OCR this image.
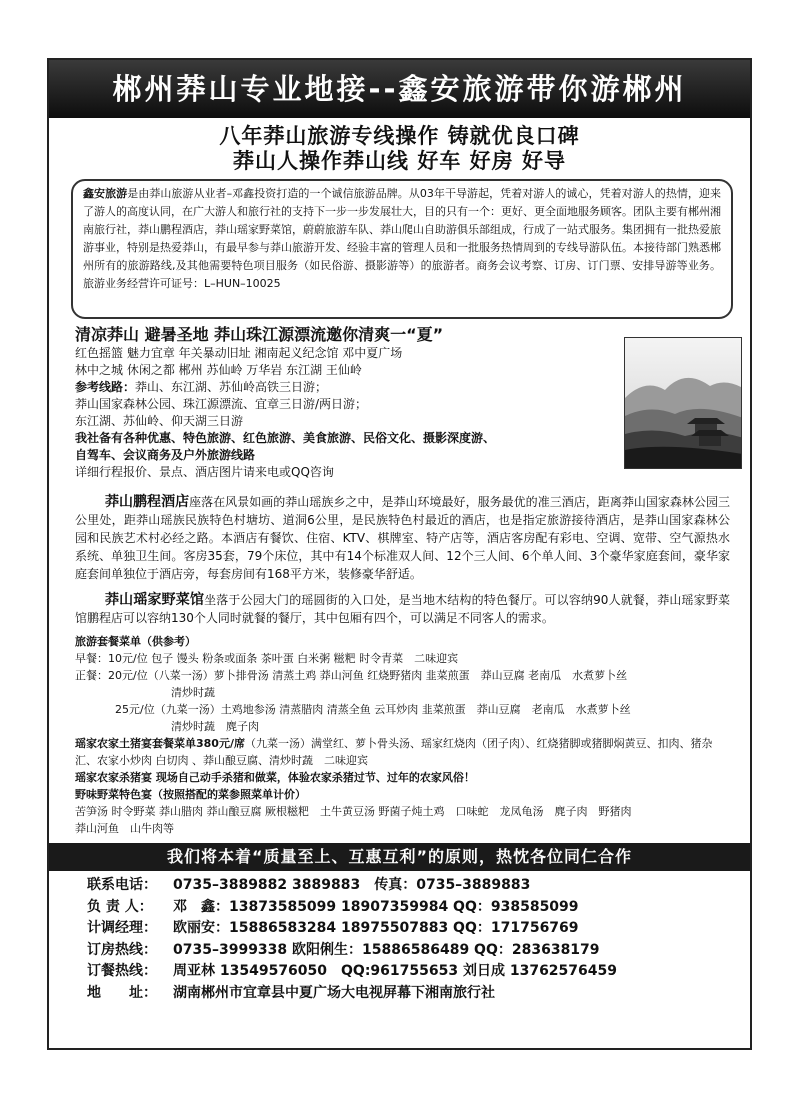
郴州莽山专业地接--鑫安旅游带你游郴州
八年莽山旅游专线操作 铸就优良口碑
莽山人操作莽山线 好车 好房 好导
鑫安旅游是由莽山旅游从业者–邓鑫投资打造的一个诚信旅游品牌。从03年干导游起，凭着对游人的诚心，凭着对游人的热情，迎来了游人的高度认同，在广大游人和旅行社的支持下一步一步发展壮大，目的只有一个：更好、更全面地服务顾客。团队主要有郴州湘南旅行社，莽山鹏程酒店，莽山瑶家野菜馆，蔚蔚旅游车队、莽山爬山自助游俱乐部组成，行成了一站式服务。集团拥有一批热爱旅游事业，特别是热爱莽山，有最早参与莽山旅游开发、经验丰富的管理人员和一批服务热情周到的专线导游队伍。本接待部门熟悉郴州所有的旅游路线,及其他需要特色项目服务（如民俗游、摄影游等）的旅游者。商务会议考察、订房、订门票、安排导游等业务。旅游业务经营许可证号：L–HUN–10025
清凉莽山 避暑圣地 莽山珠江源漂流邀你清爽一“夏”

红色摇篮 魅力宜章 年关暴动旧址 湘南起义纪念馆 邓中夏广场

林中之城 休闲之都 郴州 苏仙岭 万华岩 东江湖 王仙岭

参考线路：莽山、东江湖、苏仙岭高铁三日游；

莽山国家森林公园、珠江源漂流、宜章三日游/两日游；

东江湖、苏仙岭、仰天湖三日游

我社备有各种优惠、特色旅游、红色旅游、美食旅游、民俗文化、摄影深度游、

自驾车、会议商务及户外旅游线路

详细行程报价、景点、酒店图片请来电或QQ咨询

莽山鹏程酒店座落在风景如画的莽山瑶族乡之中，是莽山环境最好，服务最优的准三酒店，距离莽山国家森林公园三公里处，距莽山瑶族民族特色村塘坊、道洞6公里，是民族特色村最近的酒店，也是指定旅游接待酒店，是莽山国家森林公园和民族艺术村必经之路。本酒店有餐饮、住宿、KTV、棋牌室、特产店等，酒店客房配有彩电、空调、宽带、空气源热水系统、单独卫生间。客房35套，79个床位，其中有14个标准双人间、12个三人间、6个单人间、3个豪华家庭套间，豪华家庭套间单独位于酒店旁，每套房间有168平方米，装修豪华舒适。
莽山瑶家野菜馆坐落于公园大门的瑶圆街的入口处，是当地木结构的特色餐厅。可以容纳90人就餐，莽山瑶家野菜馆鹏程店可以容纳130个人同时就餐的餐厅，其中包厢有四个，可以满足不同客人的需求。
旅游套餐菜单（供参考）
早餐：10元/位 包子 馒头 粉条或面条 茶叶蛋 白米粥 糍粑 时令青菜　二味迎宾
正餐：20元/位（八菜一汤）萝卜排骨汤 清蒸土鸡 莽山河鱼 红烧野猪肉 韭菜煎蛋　莽山豆腐 老南瓜　水煮萝卜丝
清炒时蔬
25元/位（九菜一汤）土鸡地参汤 清蒸腊肉 清蒸全鱼 云耳炒肉 韭菜煎蛋　莽山豆腐　老南瓜　水煮萝卜丝
清炒时蔬　麂子肉
瑶家农家土猪宴套餐菜单380元/席（九菜一汤）满堂红、萝卜骨头汤、瑶家红烧肉（团子肉）、红烧猪脚或猪脚焖黄豆、扣肉、猪杂汇、农家小炒肉 白切肉 、莽山酿豆腐、清炒时蔬　二味迎宾
瑶家农家杀猪宴 现场自己动手杀猪和做菜，体验农家杀猪过节、过年的农家风俗！
野味野菜特色宴（按照搭配的菜参照菜单计价）
苦笋汤 时令野菜 莽山腊肉 莽山酿豆腐 厥根糍粑　土牛黄豆汤 野菌子炖土鸡　口味蛇　龙凤龟汤　麂子肉　野猪肉
莽山河鱼　山牛肉等
我们将本着“质量至上、互惠互利”的原则，热忱各位同仁合作
联系电话： 0735–3889882 3889883　传真：0735–3889883
负 责 人： 邓　鑫：13873585099 18907359984 QQ：938585099
计调经理： 欧丽安：15886583284 18975507883 QQ：171756769
订房热线： 0735–3999338 欧阳俐生：15886586489 QQ：283638179
订餐热线： 周亚林 13549576050　QQ:961755653 刘日成 13762576459
地　　址： 湖南郴州市宜章县中夏广场大电视屏幕下湘南旅行社
